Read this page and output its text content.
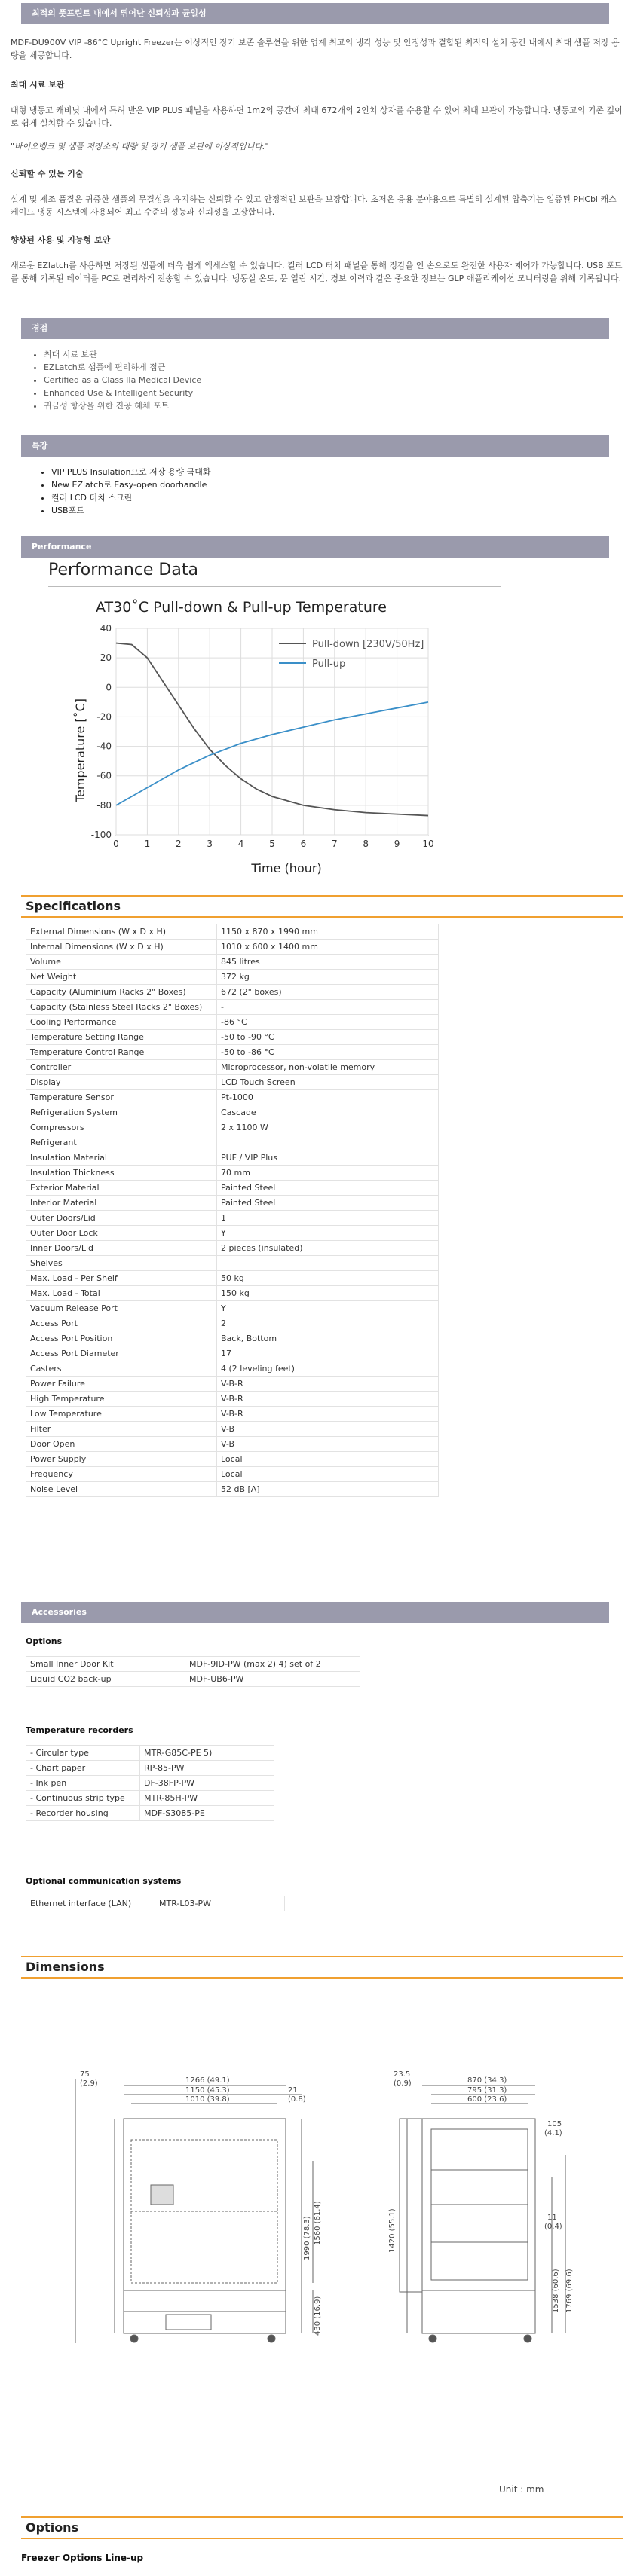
최적의 풋프린트 내에서 뛰어난 신뢰성과 균일성

MDF-DU900V VIP -86°C Upright Freezer는 이상적인 장기 보존 솔루션을 위한 업계 최고의 냉각 성능 및 안정성과 결합된 최적의 설치 공간 내에서 최대 샘플 저장 용량을 제공합니다.

최대 시료 보관

대형 냉동고 캐비닛 내에서 특허 받은 VIP PLUS 패널을 사용하면 1m2의 공간에 최대 672개의 2인치 상자를 수용할 수 있어 최대 보관이 가능합니다. 냉동고의 기존 깊이로 쉽게 설치할 수 있습니다.

"바이오뱅크 및 샘플 저장소의 대량 및 장기 샘플 보관에 이상적입니다."

신뢰할 수 있는 기술

설계 및 제조 품질은 귀중한 샘플의 무결성을 유지하는 신뢰할 수 있고 안정적인 보관을 보장합니다. 초저온 응용 분야용으로 특별히 설계된 압축기는 입증된 PHCbi 캐스케이드 냉동 시스템에 사용되어 최고 수준의 성능과 신뢰성을 보장합니다.

향상된 사용 및 지능형 보안

새로운 EZlatch를 사용하면 저장된 샘플에 더욱 쉽게 액세스할 수 있습니다. 컬러 LCD 터치 패널을 통해 정감을 인 손으로도 완전한 사용자 제어가 가능합니다. USB 포트를 통해 기록된 데이터를 PC로 편리하게 전송할 수 있습니다. 냉동실 온도, 문 열림 시간, 경보 이력과 같은 중요한 정보는 GLP 애플리케이션 모니터링을 위해 기록됩니다.

경점
• 최대 시료 보관
• EZLatch로 샘플에 편리하게 접근
• Certified as a Class IIa Medical Device
• Enhanced Use & Intelligent Security
• 귀금성 향상을 위한 진공 혜체 포트
특장
• VIP PLUS Insulation으로 저장 용량 극대화
• New EZlatch로 Easy-open doorhandle
• 컬러 LCD 터치 스크린
• USB포트
Performance
Performance Data
AT30˚C Pull-down & Pull-up Temperature
0	1	2	3	4	5	6	7	8	9 10
40
20
0
-20
-40
-60
-80
-100
Pull-down [230V/50Hz]
Pull-up
Time (hour)
Temperature [˚C]
Specifications
External Dimensions (W x D x H)	1150 x 870 x 1990 mm
Internal Dimensions (W x D x H)	1010 x 600 x 1400 mm
Volume	845 litres
Net Weight	372 kg
Capacity (Aluminium Racks 2" Boxes)	672 (2" boxes)
Capacity (Stainless Steel Racks 2" Boxes)	-
Cooling Performance	-86 °C
Temperature Setting Range	-50 to -90 °C
Temperature Control Range	-50 to -86 °C
Controller	Microprocessor, non-volatile memory
Display	LCD Touch Screen
Temperature Sensor	Pt-1000
Refrigeration System	Cascade
Compressors	2 x 1100 W
Refrigerant	
Insulation Material	PUF / VIP Plus
Insulation Thickness	70 mm
Exterior Material	Painted Steel
Interior Material	Painted Steel
Outer Doors/Lid	1
Outer Door Lock	Y
Inner Doors/Lid	2 pieces (insulated)
Shelves	
Max. Load - Per Shelf	50 kg
Max. Load - Total	150 kg
Vacuum Release Port	Y
Access Port	2
Access Port Position	Back, Bottom
Access Port Diameter	17
Casters	4 (2 leveling feet)
Power Failure	V-B-R
High Temperature	V-B-R
Low Temperature	V-B-R
Filter	V-B
Door Open	V-B
Power Supply	Local
Frequency	Local
Noise Level	52 dB [A]
Accessories
Options
Small Inner Door Kit	MDF-9ID-PW (max 2) 4) set of 2
Liquid CO2 back-up	MDF-UB6-PW
Temperature recorders
- Circular type	MTR-G85C-PE 5)
- Chart paper	RP-85-PW
- Ink pen	DF-38FP-PW
- Continuous strip type	MTR-85H-PW
- Recorder housing	MDF-S3085-PE
Optional communication systems
Ethernet interface (LAN)	MTR-L03-PW
Dimensions
75
(2.9)	1266 (49.1)
1150 (45.3)	21
(0.8)
1010 (39.8)
1990 (78.3) 1560 (61.4)
430 (16.9)
23.5
(0.9)	870 (34.3)
795 (31.3)
600 (23.6)
1420 (55.1)
105
(4.1)
11
(0.4)
1538 (60.6) 1769 (69.6)
Unit : mm
Options
Freezer Options Line-up
